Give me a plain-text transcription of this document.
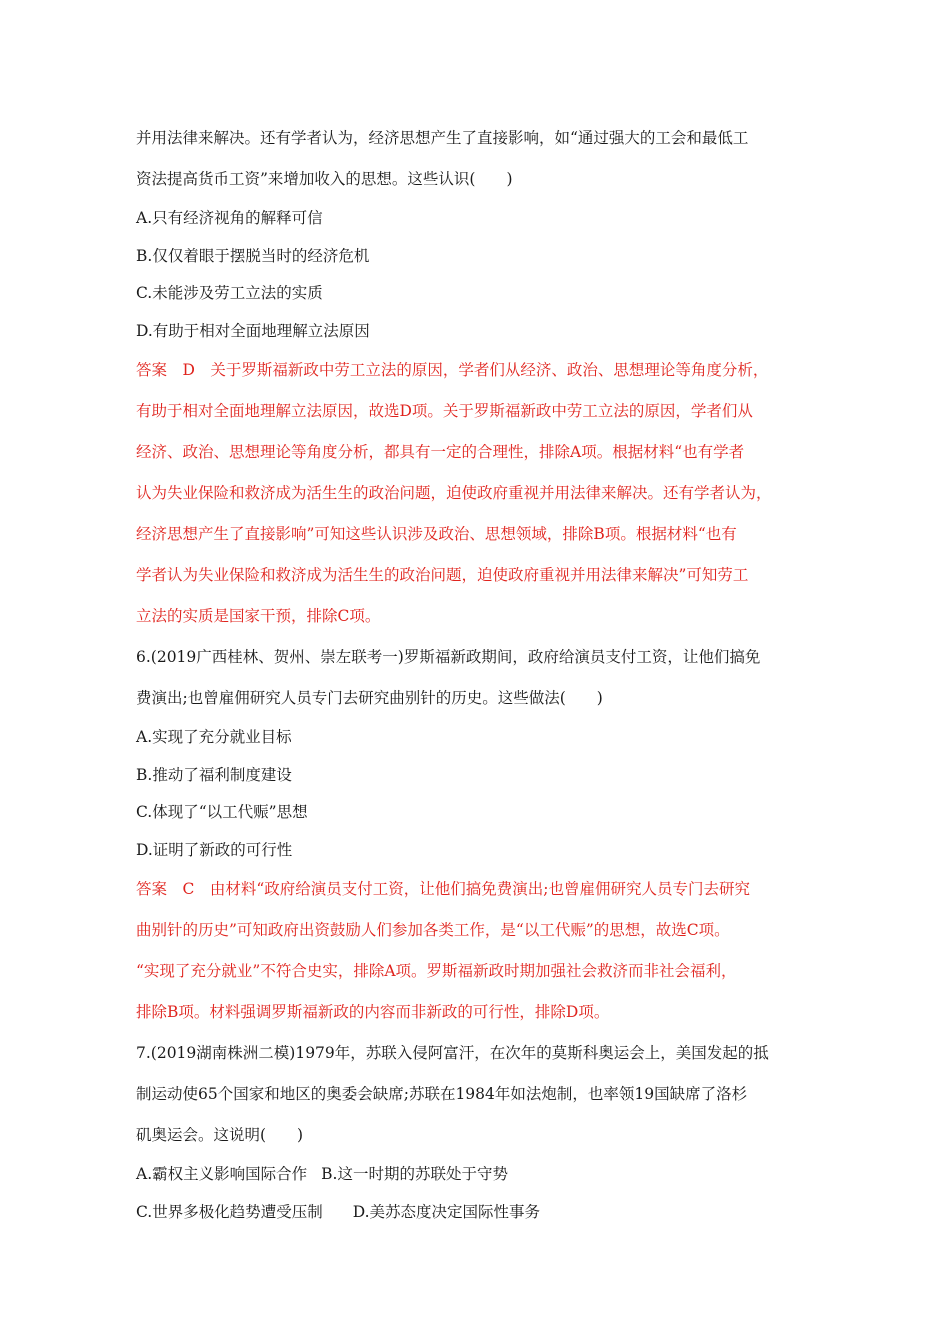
并用法律来解决。还有学者认为，经济思想产生了直接影响，如“通过强大的工会和最低工
资法提高货币工资”来增加收入的思想。这些认识(　　)
A.只有经济视角的解释可信
B.仅仅着眼于摆脱当时的经济危机
C.未能涉及劳工立法的实质
D.有助于相对全面地理解立法原因
答案　D　关于罗斯福新政中劳工立法的原因，学者们从经济、政治、思想理论等角度分析，
有助于相对全面地理解立法原因，故选D项。关于罗斯福新政中劳工立法的原因，学者们从
经济、政治、思想理论等角度分析，都具有一定的合理性，排除A项。根据材料“也有学者
认为失业保险和救济成为活生生的政治问题，迫使政府重视并用法律来解决。还有学者认为，
经济思想产生了直接影响”可知这些认识涉及政治、思想领域，排除B项。根据材料“也有
学者认为失业保险和救济成为活生生的政治问题，迫使政府重视并用法律来解决”可知劳工
立法的实质是国家干预，排除C项。
6.(2019广西桂林、贺州、崇左联考一)罗斯福新政期间，政府给演员支付工资，让他们搞免
费演出;也曾雇佣研究人员专门去研究曲别针的历史。这些做法(　　)
A.实现了充分就业目标
B.推动了福利制度建设
C.体现了“以工代赈”思想
D.证明了新政的可行性
答案　C　由材料“政府给演员支付工资，让他们搞免费演出;也曾雇佣研究人员专门去研究
曲别针的历史”可知政府出资鼓励人们参加各类工作，是“以工代赈”的思想，故选C项。
“实现了充分就业”不符合史实，排除A项。罗斯福新政时期加强社会救济而非社会福利，
排除B项。材料强调罗斯福新政的内容而非新政的可行性，排除D项。
7.(2019湖南株洲二模)1979年，苏联入侵阿富汗，在次年的莫斯科奥运会上，美国发起的抵
制运动使65个国家和地区的奥委会缺席;苏联在1984年如法炮制，也率领19国缺席了洛杉
矶奥运会。这说明(　　)
A.霸权主义影响国际合作 B.这一时期的苏联处于守势
C.世界多极化趋势遭受压制 D.美苏态度决定国际性事务
